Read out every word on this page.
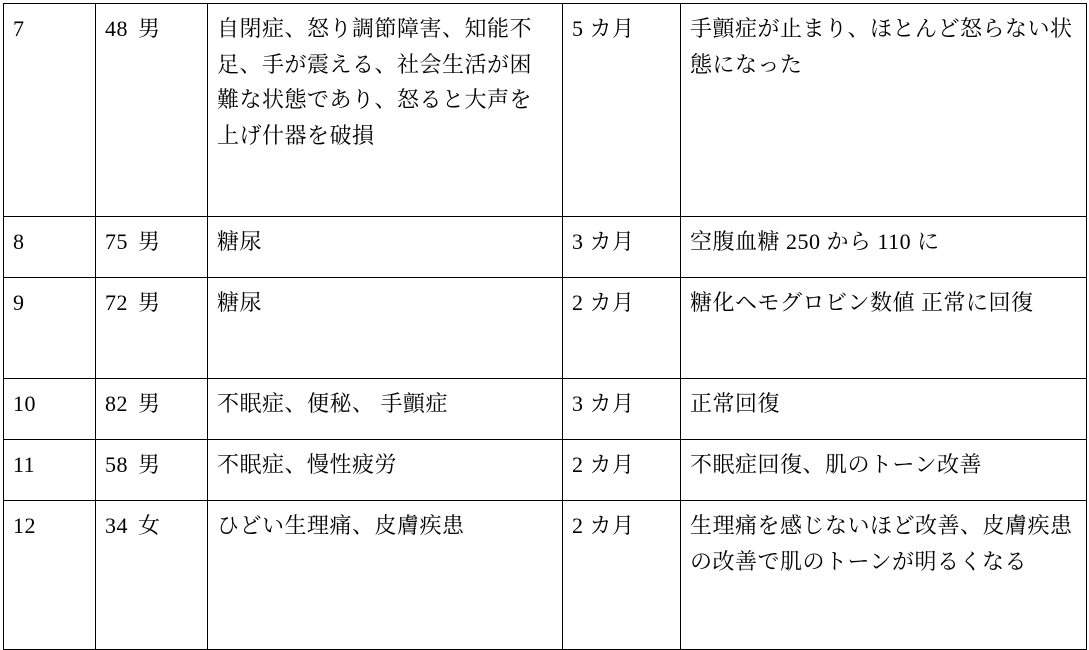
7	48 男	自閉症、怒り調節障害、知能不足、手が震える、社会生活が困難な状態であり、怒ると大声を上げ什器を破損	5 カ月	手顫症が止まり、ほとんど怒らない状態になった
8	75 男	糖尿	3 カ月	空腹血糖 250 から 110 に
9	72 男	糖尿	2 カ月	糖化ヘモグロビン数値 正常に回復
10	82 男	不眠症、便秘、 手顫症	3 カ月	正常回復
11	58 男	不眠症、慢性疲労	2 カ月	不眠症回復、肌のトーン改善
12	34 女	ひどい生理痛、皮膚疾患	2 カ月	生理痛を感じないほど改善、皮膚疾患の改善で肌のトーンが明るくなる
